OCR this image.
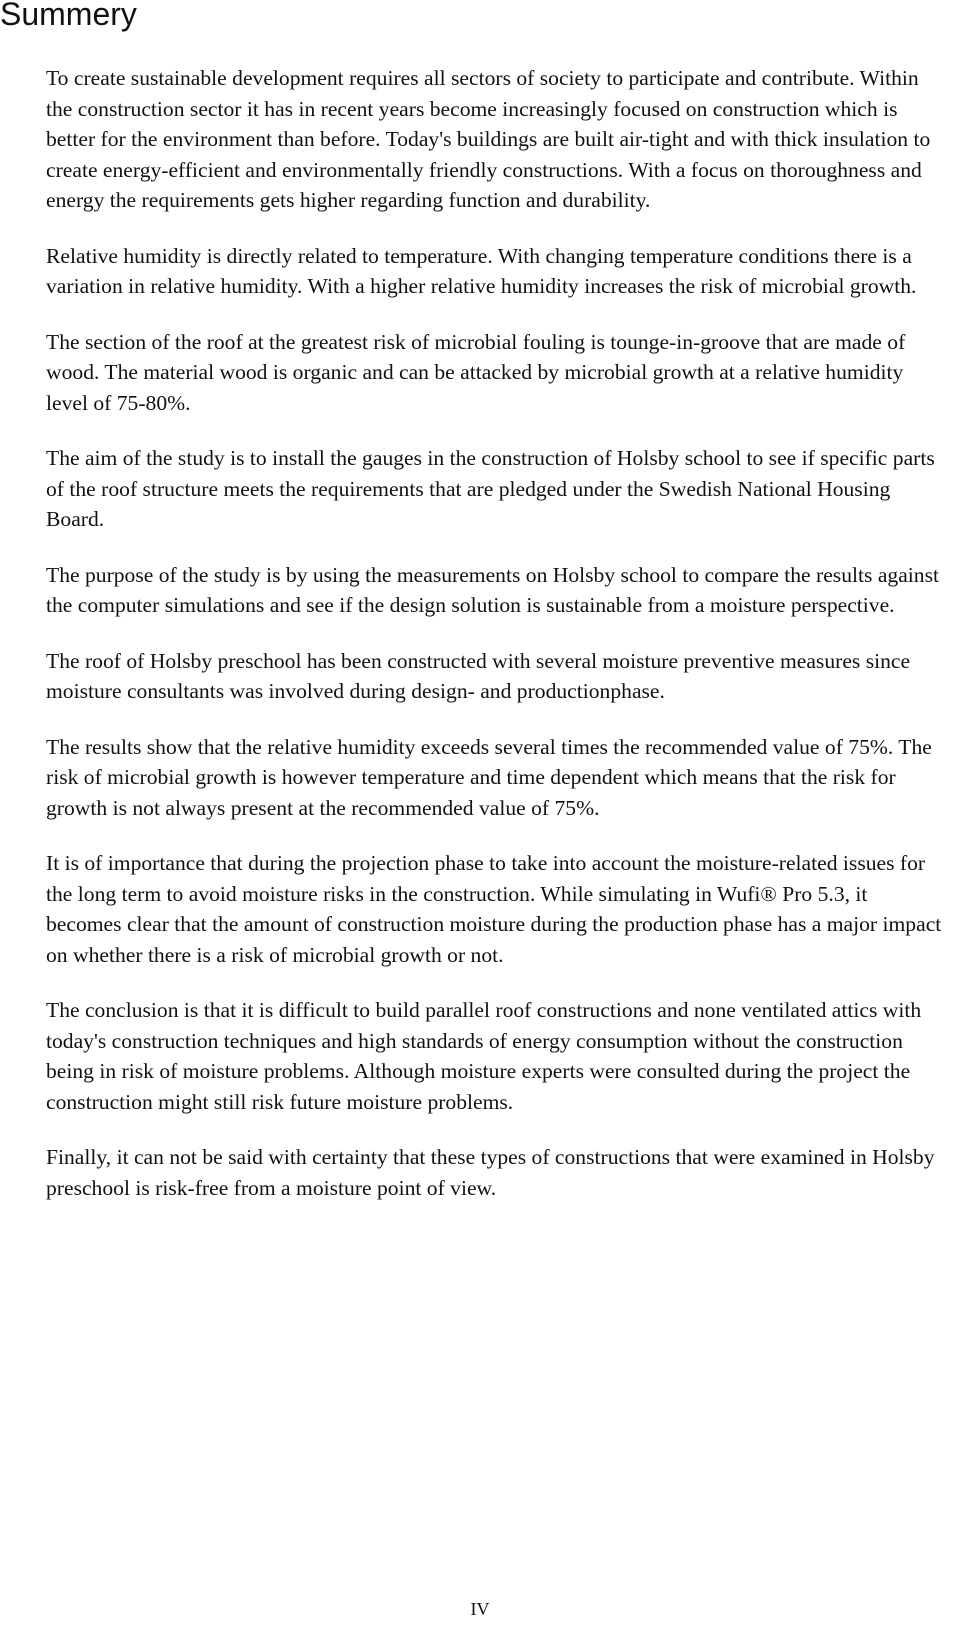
Summery

To create sustainable development requires all sectors of society to participate and contribute. Within the construction sector it has in recent years become increasingly focused on construction which is better for the environment than before. Today's buildings are built air-tight and with thick insulation to create energy-efficient and environmentally friendly constructions. With a focus on thoroughness and energy the requirements gets higher regarding function and durability.

Relative humidity is directly related to temperature. With changing temperature conditions there is a variation in relative humidity. With a higher relative humidity increases the risk of microbial growth.

The section of the roof at the greatest risk of microbial fouling is tounge-in-groove that are made of wood. The material wood is organic and can be attacked by microbial growth at a relative humidity level of 75-80%.

The aim of the study is to install the gauges in the construction of Holsby school to see if specific parts of the roof structure meets the requirements that are pledged under the Swedish National Housing Board.

The purpose of the study is by using the measurements on Holsby school to compare the results against the computer simulations and see if the design solution is sustainable from a moisture perspective.

The roof of Holsby preschool has been constructed with several moisture preventive measures since moisture consultants was involved during design- and productionphase.

The results show that the relative humidity exceeds several times the recommended value of 75%. The risk of microbial growth is however temperature and time dependent which means that the risk for growth is not always present at the recommended value of 75%.

It is of importance that during the projection phase to take into account the moisture-related issues for the long term to avoid moisture risks in the construction. While simulating in Wufi® Pro 5.3, it becomes clear that the amount of construction moisture during the production phase has a major impact on whether there is a risk of microbial growth or not.

The conclusion is that it is difficult to build parallel roof constructions and none ventilated attics with today's construction techniques and high standards of energy consumption without the construction being in risk of moisture problems. Although moisture experts were consulted during the project the construction might still risk future moisture problems.

Finally, it can not be said with certainty that these types of constructions that were examined in Holsby preschool is risk-free from a moisture point of view.

IV
